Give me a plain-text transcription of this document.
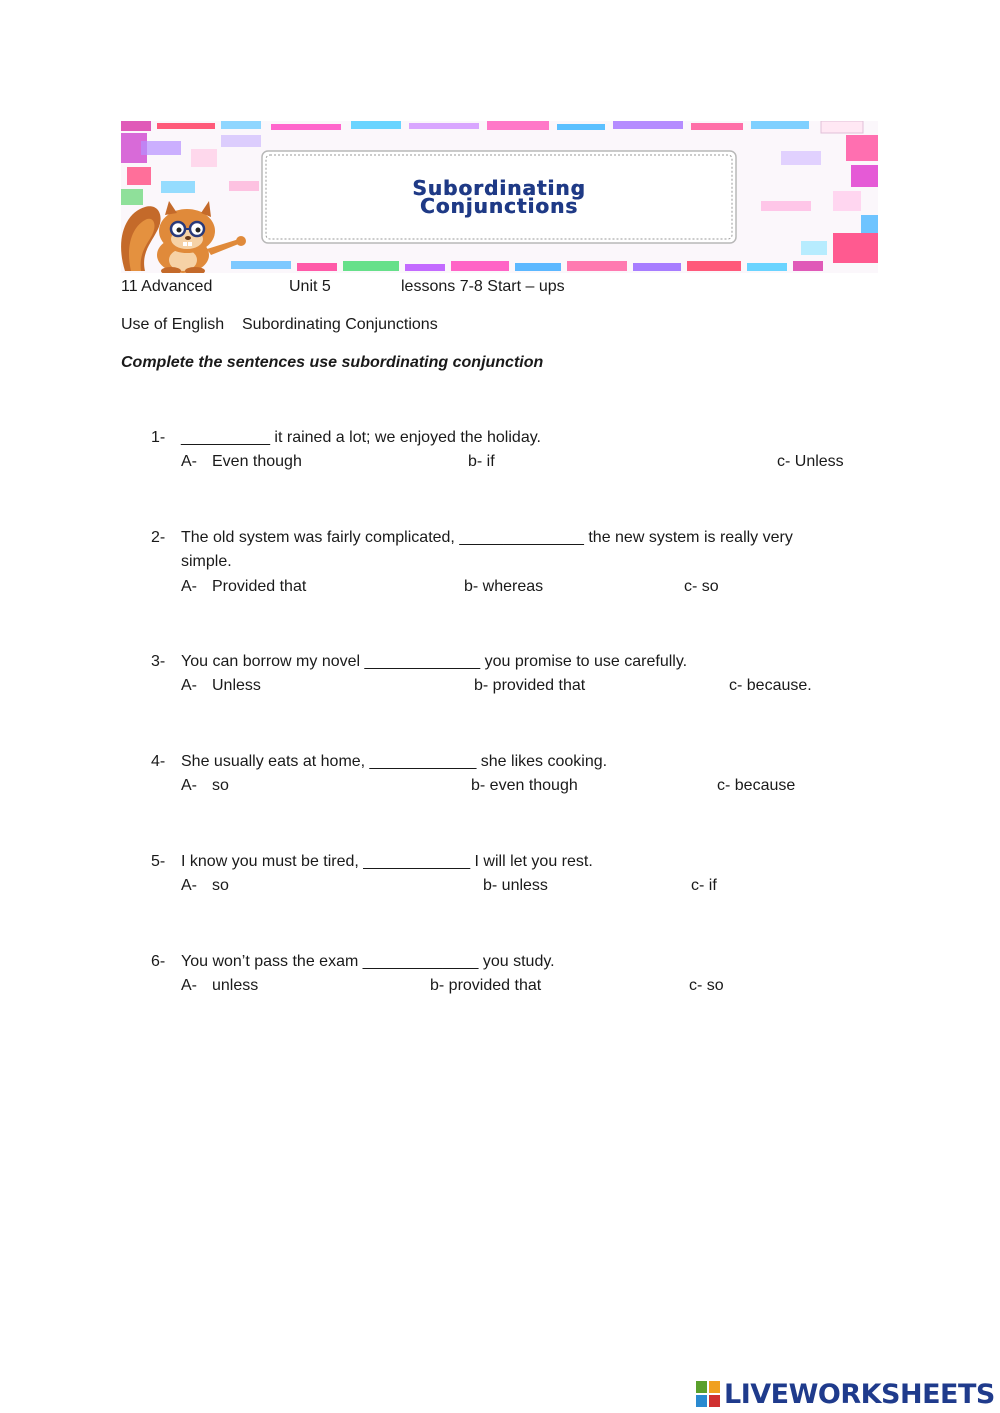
Subordinating
Conjunctions
11 Advanced	Unit 5	lessons 7-8 Start – ups
Use of English Subordinating Conjunctions
Complete the sentences use subordinating conjunction
1- __________ it rained a lot; we enjoyed the holiday.
A- Even though	b- if	c- Unless
2- The old system was fairly complicated, ______________ the new system is really very
simple.
A- Provided that	b- whereas	c- so
3- You can borrow my novel _____________ you promise to use carefully.
A- Unless	b- provided that	c- because.
4- She usually eats at home, ____________ she likes cooking.
A- so	b- even though	c- because
5- I know you must be tired, ____________ I will let you rest.
A- so	b- unless	c- if
6- You won’t pass the exam _____________ you study.
A- unless	b- provided that	c- so
LIVEWORKSHEETS
